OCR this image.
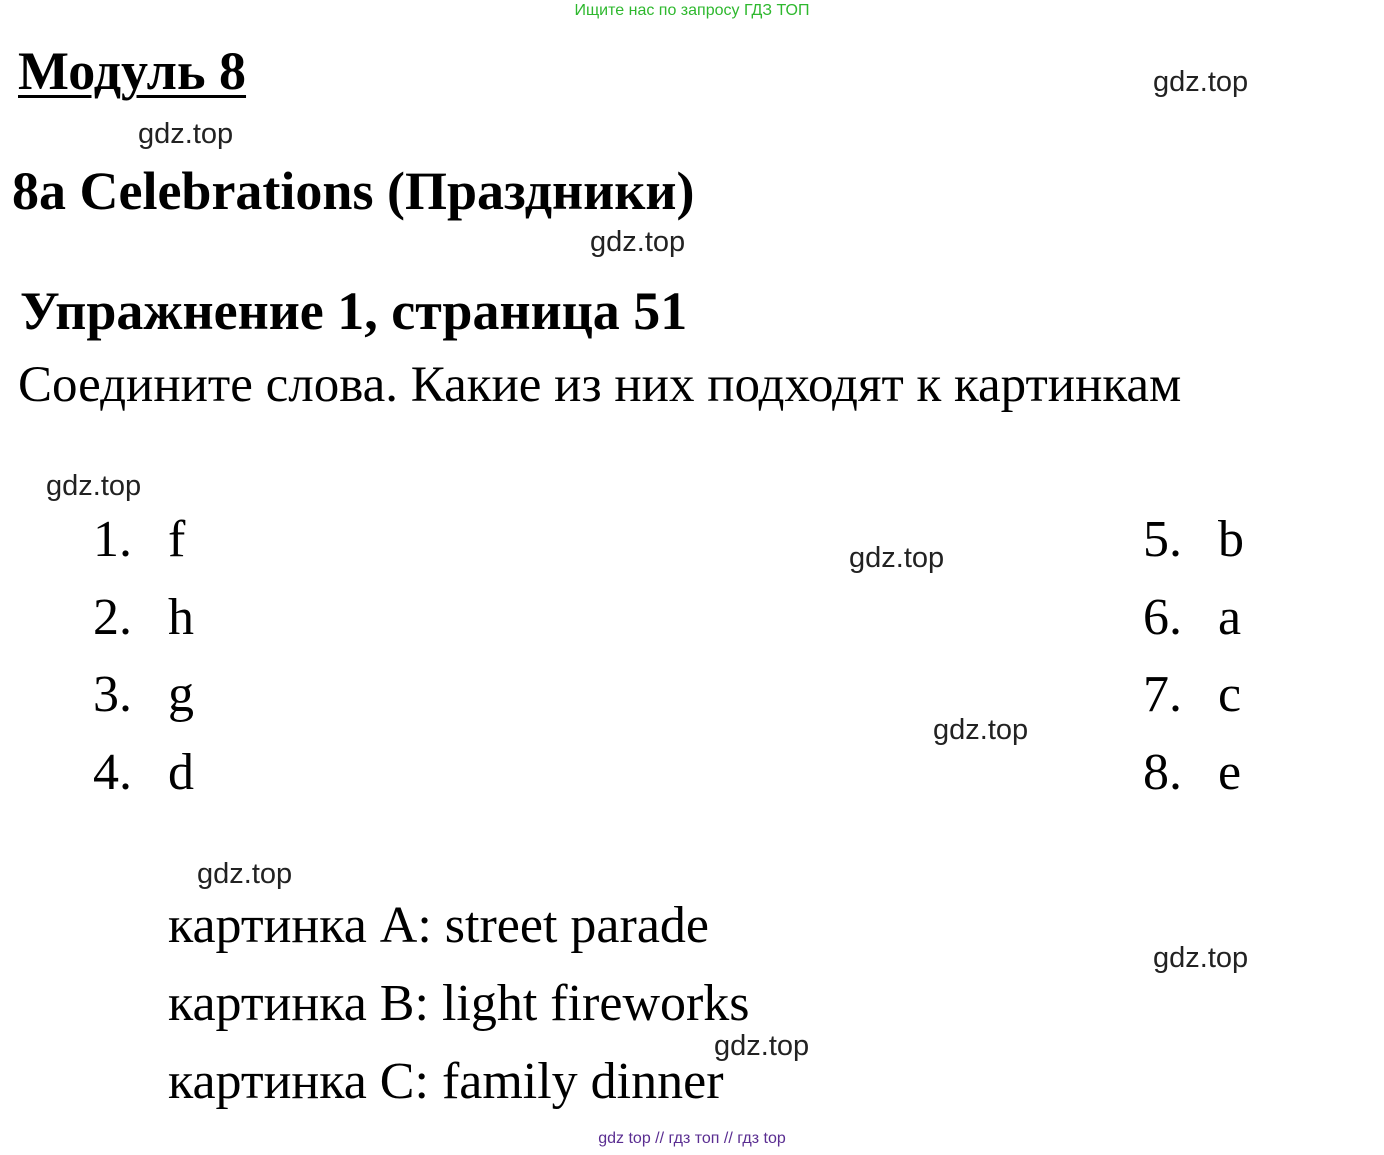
Ищите нас по запросу ГДЗ ТОП
Модуль 8	gdz.top
gdz.top
8a Celebrations (Праздники)
gdz.top
Упражнение 1, страница 51
Соедините слова. Какие из них подходят к картинкам
gdz.top
1. f
2. h
3. g
4. d
gdz.top
gdz.top
5. b
6. a
7. c
8. e
gdz.top
картинка A: street parade
gdz.top
картинка B: light fireworks
картинка C: family dinner
gdz.top
gdz top // гдз топ // гдз top
